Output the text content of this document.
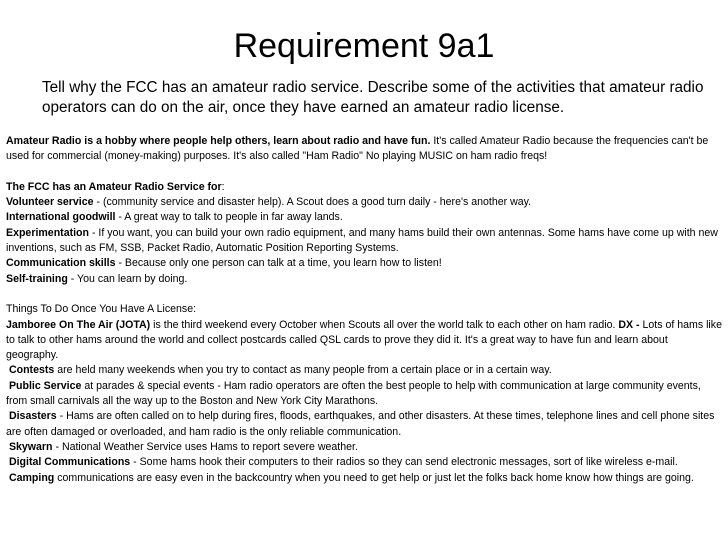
Requirement 9a1
Tell why the FCC has an amateur radio service. Describe some of the activities that amateur radio operators can do on the air, once they have earned an amateur radio license.

Amateur Radio is a hobby where people help others, learn about radio and have fun. It's called Amateur Radio because the frequencies can't be used for commercial (money-making) purposes. It's also called "Ham Radio" No playing MUSIC on ham radio freqs!

The FCC has an Amateur Radio Service for:

Volunteer service - (community service and disaster help). A Scout does a good turn daily - here's another way.

International goodwill - A great way to talk to people in far away lands.

Experimentation - If you want, you can build your own radio equipment, and many hams build their own antennas. Some hams have come up with new inventions, such as FM, SSB, Packet Radio, Automatic Position Reporting Systems.

Communication skills - Because only one person can talk at a time, you learn how to listen!

Self-training - You can learn by doing.

Things To Do Once You Have A License:

Jamboree On The Air (JOTA) is the third weekend every October when Scouts all over the world talk to each other on ham radio. DX - Lots of hams like to talk to other hams around the world and collect postcards called QSL cards to prove they did it. It's a great way to have fun and learn about geography.

Contests are held many weekends when you try to contact as many people from a certain place or in a certain way.

Public Service at parades & special events - Ham radio operators are often the best people to help with communication at large community events, from small carnivals all the way up to the Boston and New York City Marathons.

Disasters - Hams are often called on to help during fires, floods, earthquakes, and other disasters. At these times, telephone lines and cell phone sites are often damaged or overloaded, and ham radio is the only reliable communication.

Skywarn - National Weather Service uses Hams to report severe weather.

Digital Communications - Some hams hook their computers to their radios so they can send electronic messages, sort of like wireless e-mail.

Camping communications are easy even in the backcountry when you need to get help or just let the folks back home know how things are going.
